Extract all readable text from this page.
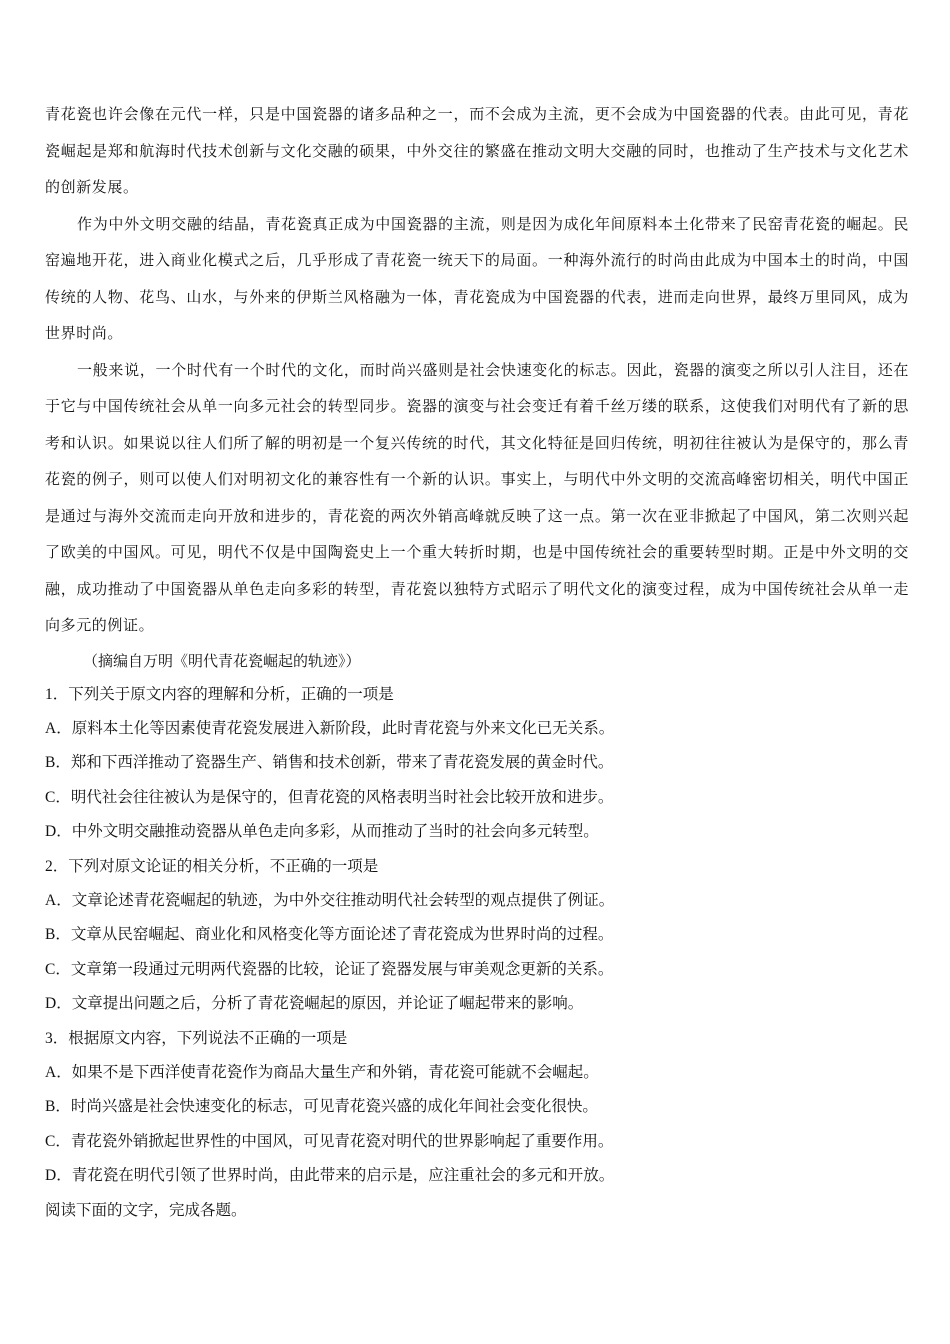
青花瓷也许会像在元代一样，只是中国瓷器的诸多品种之一，而不会成为主流，更不会成为中国瓷器的代表。由此可见，青花瓷崛起是郑和航海时代技术创新与文化交融的硕果，中外交往的繁盛在推动文明大交融的同时，也推动了生产技术与文化艺术的创新发展。

作为中外文明交融的结晶，青花瓷真正成为中国瓷器的主流，则是因为成化年间原料本土化带来了民窑青花瓷的崛起。民窑遍地开花，进入商业化模式之后，几乎形成了青花瓷一统天下的局面。一种海外流行的时尚由此成为中国本土的时尚，中国传统的人物、花鸟、山水，与外来的伊斯兰风格融为一体，青花瓷成为中国瓷器的代表，进而走向世界，最终万里同风，成为世界时尚。

一般来说，一个时代有一个时代的文化，而时尚兴盛则是社会快速变化的标志。因此，瓷器的演变之所以引人注目，还在于它与中国传统社会从单一向多元社会的转型同步。瓷器的演变与社会变迁有着千丝万缕的联系，这使我们对明代有了新的思考和认识。如果说以往人们所了解的明初是一个复兴传统的时代，其文化特征是回归传统，明初往往被认为是保守的，那么青花瓷的例子，则可以使人们对明初文化的兼容性有一个新的认识。事实上，与明代中外文明的交流高峰密切相关，明代中国正是通过与海外交流而走向开放和进步的，青花瓷的两次外销高峰就反映了这一点。第一次在亚非掀起了中国风，第二次则兴起了欧美的中国风。可见，明代不仅是中国陶瓷史上一个重大转折时期，也是中国传统社会的重要转型时期。正是中外文明的交融，成功推动了中国瓷器从单色走向多彩的转型，青花瓷以独特方式昭示了明代文化的演变过程，成为中国传统社会从单一走向多元的例证。

（摘编自万明《明代青花瓷崛起的轨迹》）

1．下列关于原文内容的理解和分析，正确的一项是

A．原料本土化等因素使青花瓷发展进入新阶段，此时青花瓷与外来文化已无关系。

B．郑和下西洋推动了瓷器生产、销售和技术创新，带来了青花瓷发展的黄金时代。

C．明代社会往往被认为是保守的，但青花瓷的风格表明当时社会比较开放和进步。

D．中外文明交融推动瓷器从单色走向多彩，从而推动了当时的社会向多元转型。

2．下列对原文论证的相关分析，不正确的一项是

A．文章论述青花瓷崛起的轨迹，为中外交往推动明代社会转型的观点提供了例证。

B．文章从民窑崛起、商业化和风格变化等方面论述了青花瓷成为世界时尚的过程。

C．文章第一段通过元明两代瓷器的比较，论证了瓷器发展与审美观念更新的关系。

D．文章提出问题之后，分析了青花瓷崛起的原因，并论证了崛起带来的影响。

3．根据原文内容，下列说法不正确的一项是

A．如果不是下西洋使青花瓷作为商品大量生产和外销，青花瓷可能就不会崛起。

B．时尚兴盛是社会快速变化的标志，可见青花瓷兴盛的成化年间社会变化很快。

C．青花瓷外销掀起世界性的中国风，可见青花瓷对明代的世界影响起了重要作用。

D．青花瓷在明代引领了世界时尚，由此带来的启示是，应注重社会的多元和开放。

阅读下面的文字，完成各题。
